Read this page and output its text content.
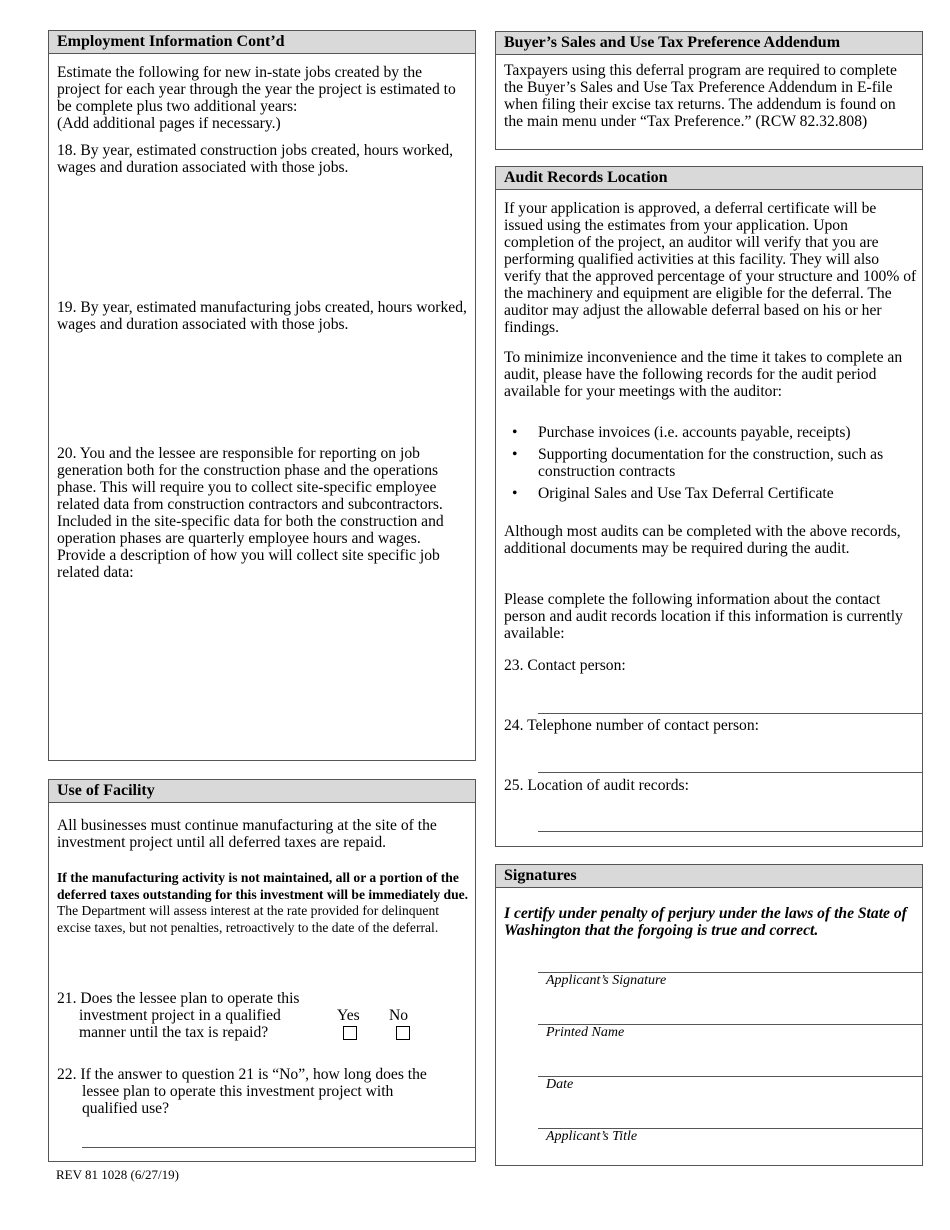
Employment Information Cont’d
Estimate the following for new in-state jobs created by the project for each year through the year the project is estimated to be complete plus two additional years:
(Add additional pages if necessary.)
18. By year, estimated construction jobs created, hours worked, wages and duration associated with those jobs.
19. By year, estimated manufacturing jobs created, hours worked, wages and duration associated with those jobs.
20. You and the lessee are responsible for reporting on job generation both for the construction phase and the operations phase. This will require you to collect site-specific employee related data from construction contractors and subcontractors. Included in the site-specific data for both the construction and operation phases are quarterly employee hours and wages. Provide a description of how you will collect site specific job related data:
Use of Facility
All businesses must continue manufacturing at the site of the investment project until all deferred taxes are repaid.
If the manufacturing activity is not maintained, all or a portion of the deferred taxes outstanding for this investment will be immediately due. The Department will assess interest at the rate provided for delinquent excise taxes, but not penalties, retroactively to the date of the deferral.
21. Does the lessee plan to operate this
investment project in a qualified
manner until the tax is repaid?
Yes No
22. If the answer to question 21 is “No”, how long does the
lessee plan to operate this investment project with
qualified use?
REV 81 1028 (6/27/19)
Buyer’s Sales and Use Tax Preference Addendum
Taxpayers using this deferral program are required to complete the Buyer’s Sales and Use Tax Preference Addendum in E-file when filing their excise tax returns. The addendum is found on the main menu under “Tax Preference.” (RCW 82.32.808)
Audit Records Location
If your application is approved, a deferral certificate will be issued using the estimates from your application. Upon completion of the project, an auditor will verify that you are performing qualified activities at this facility. They will also verify that the approved percentage of your structure and 100% of the machinery and equipment are eligible for the deferral. The auditor may adjust the allowable deferral based on his or her findings.
To minimize inconvenience and the time it takes to complete an audit, please have the following records for the audit period available for your meetings with the auditor:
• Purchase invoices (i.e. accounts payable, receipts)
• Supporting documentation for the construction, such as construction contracts
• Original Sales and Use Tax Deferral Certificate
Although most audits can be completed with the above records, additional documents may be required during the audit.
Please complete the following information about the contact person and audit records location if this information is currently available:
23. Contact person:
24. Telephone number of contact person:
25. Location of audit records:
Signatures
I certify under penalty of perjury under the laws of the State of Washington that the forgoing is true and correct.
Applicant’s Signature
Printed Name
Date
Applicant’s Title
